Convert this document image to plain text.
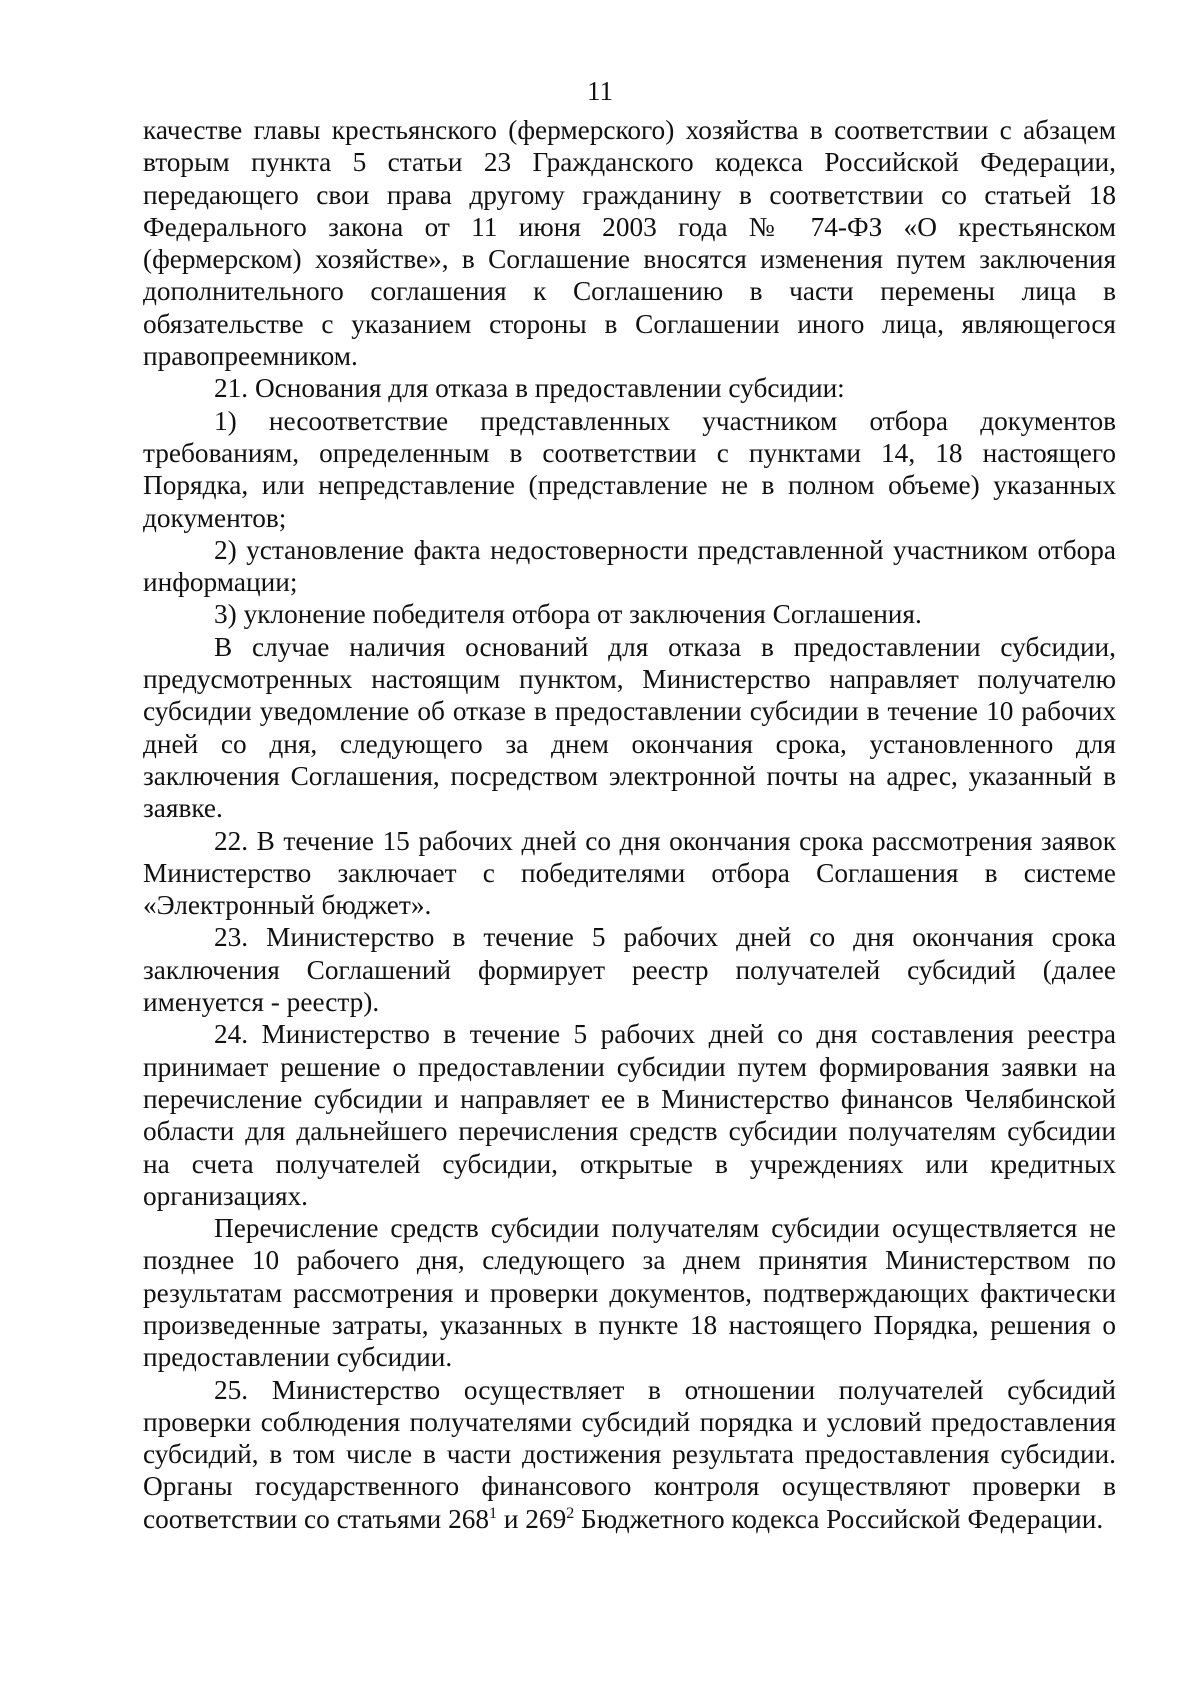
11

качестве главы крестьянского (фермерского) хозяйства в соответствии с абзацем вторым пункта 5 статьи 23 Гражданского кодекса Российской Федерации, передающего свои права другому гражданину в соответствии со статьей 18 Федерального закона от 11 июня 2003 года № 74-ФЗ «О крестьянском (фермерском) хозяйстве», в Соглашение вносятся изменения путем заключения дополнительного соглашения к Соглашению в части перемены лица в обязательстве с указанием стороны в Соглашении иного лица, являющегося правопреемником.

21. Основания для отказа в предоставлении субсидии:

1) несоответствие представленных участником отбора документов требованиям, определенным в соответствии с пунктами 14, 18 настоящего Порядка, или непредставление (представление не в полном объеме) указанных документов;

2) установление факта недостоверности представленной участником отбора информации;

3) уклонение победителя отбора от заключения Соглашения.

В случае наличия оснований для отказа в предоставлении субсидии, предусмотренных настоящим пунктом, Министерство направляет получателю субсидии уведомление об отказе в предоставлении субсидии в течение 10 рабочих дней со дня, следующего за днем окончания срока, установленного для заключения Соглашения, посредством электронной почты на адрес, указанный в заявке.

22. В течение 15 рабочих дней со дня окончания срока рассмотрения заявок Министерство заключает с победителями отбора Соглашения в системе «Электронный бюджет».

23. Министерство в течение 5 рабочих дней со дня окончания срока заключения Соглашений формирует реестр получателей субсидий (далее именуется - реестр).

24. Министерство в течение 5 рабочих дней со дня составления реестра принимает решение о предоставлении субсидии путем формирования заявки на перечисление субсидии и направляет ее в Министерство финансов Челябинской области для дальнейшего перечисления средств субсидии получателям субсидии на счета получателей субсидии, открытые в учреждениях или кредитных организациях.

Перечисление средств субсидии получателям субсидии осуществляется не позднее 10 рабочего дня, следующего за днем принятия Министерством по результатам рассмотрения и проверки документов, подтверждающих фактически произведенные затраты, указанных в пункте 18 настоящего Порядка, решения о предоставлении субсидии.

25. Министерство осуществляет в отношении получателей субсидий проверки соблюдения получателями субсидий порядка и условий предоставления субсидий, в том числе в части достижения результата предоставления субсидии. Органы государственного финансового контроля осуществляют проверки в соответствии со статьями $268^1$ и $269^2$ Бюджетного кодекса Российской Федерации.
